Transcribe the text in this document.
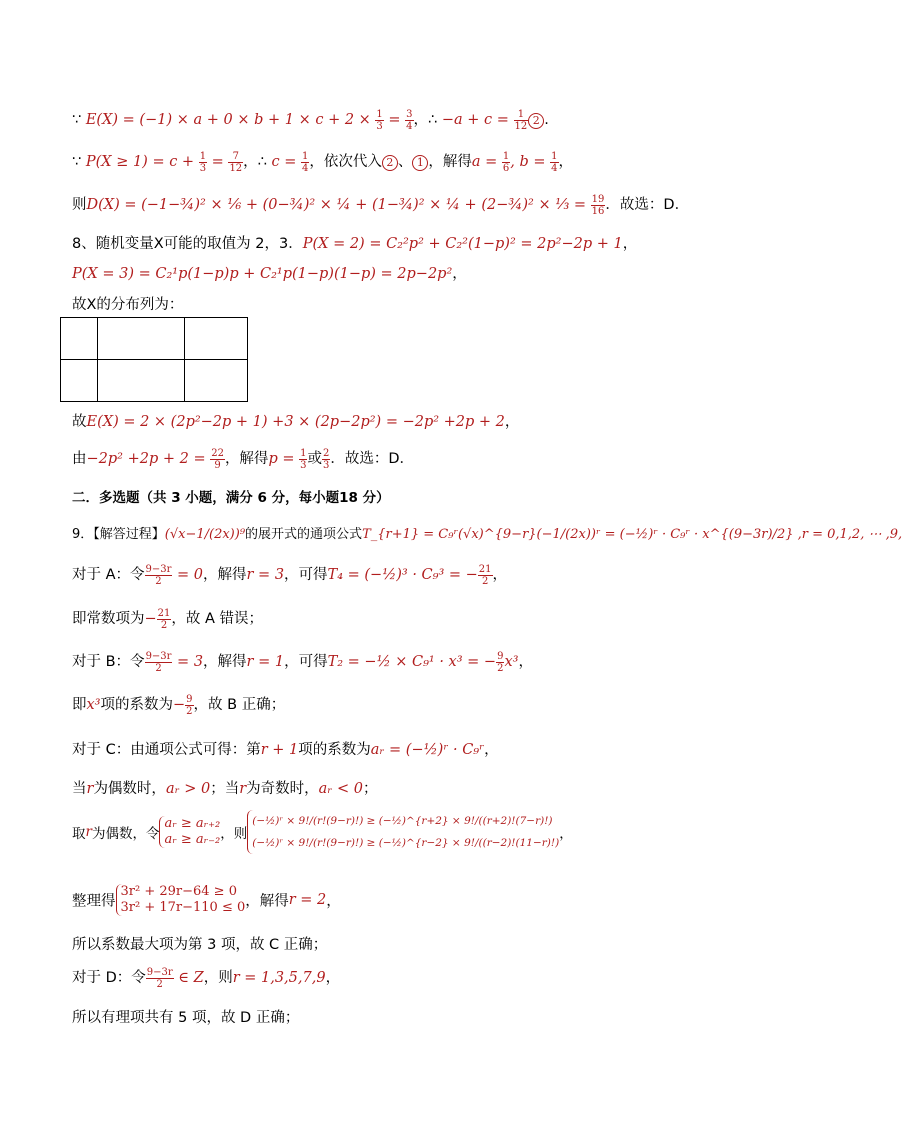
∵ $E(X) = (-1) \times a + 0 \times b + 1 \times c + 2 \times \frac{1}{3} = \frac{3}{4}$ ，∴ $-a + c = \frac{1}{12} 2$ .
∵ $P(X \ge 1) = c + \frac{1}{3} = \frac{7}{12}$ ，∴ $c = \frac{1}{4}$ ，依次代入 2 、 1 ，解得$a = \frac{1}{6}$ , $b = \frac{1}{4}$ ，
则D(X) = (−1−¾)² × ⅙ + (0−¾)² × ¼ + (1−¾)² × ¼ + (2−¾)² × ⅓ = $\frac{19}{16}$ ．故选：D．
8、随机变量X可能的取值为 2，3．P(X = 2) = C₂²p² + C₂²(1−p)² = 2p²−2p + 1，
P(X = 3) = C₂¹p(1−p)p + C₂¹p(1−p)(1−p) = 2p−2p²，
故X的分布列为：

故E(X) = 2 × (2p²−2p + 1) +3 × (2p−2p²) = −2p² +2p + 2，
由$-2p^2 +2p + 2 = \frac{22}{9}$ ，解得$p = \frac{1}{3}$ 或 $\frac{2}{3}$ ．故选：D．
二．多选题（共 3 小题，满分 6 分，每小题18 分）
9．【解答过程】(√x−1/(2x))⁹的展开式的通项公式T_{r+1} = C₉ʳ(√x)^{9−r}(−1/(2x))ʳ = (−½)ʳ · C₉ʳ · x^{(9−3r)/2} ,r = 0,1,2, ⋯ ,9,
对于 A：令 $\frac{9-3r}{2} = 0$，解得r = 3，可得T₄ = (−½)³ · C₉³ = − $\frac{21}{2}$ ，
即常数项为− $\frac{21}{2}$ ，故 A 错误；
对于 B：令 $\frac{9-3r}{2} = 3$，解得r = 1，可得T₂ = −½ × C₉¹ · x³ = − $\frac{9}{2} x^3$，
即x³项的系数为− $\frac{9}{2}$ ，故 B 正确；
对于 C：由通项公式可得：第r + 1项的系数为aᵣ = (−½)ʳ · C₉ʳ，
当r为偶数时，aᵣ > 0；当r为奇数时，aᵣ < 0；
取r为偶数，令aᵣ ≥ aᵣ₊₂
aᵣ ≥ aᵣ₋₂，则(−½)ʳ × 9!/(r!(9−r)!) ≥ (−½)^{r+2} × 9!/((r+2)!(7−r)!)
(−½)ʳ × 9!/(r!(9−r)!) ≥ (−½)^{r−2} × 9!/((r−2)!(11−r)!)，
整理得3r² + 29r−64 ≥ 0
3r² + 17r−110 ≤ 0，解得r = 2，
所以系数最大项为第 3 项，故 C 正确；
对于 D：令 $\frac{9-3r}{2}$ ∈ Z，则r = 1,3,5,7,9，
所以有理项共有 5 项，故 D 正确；
